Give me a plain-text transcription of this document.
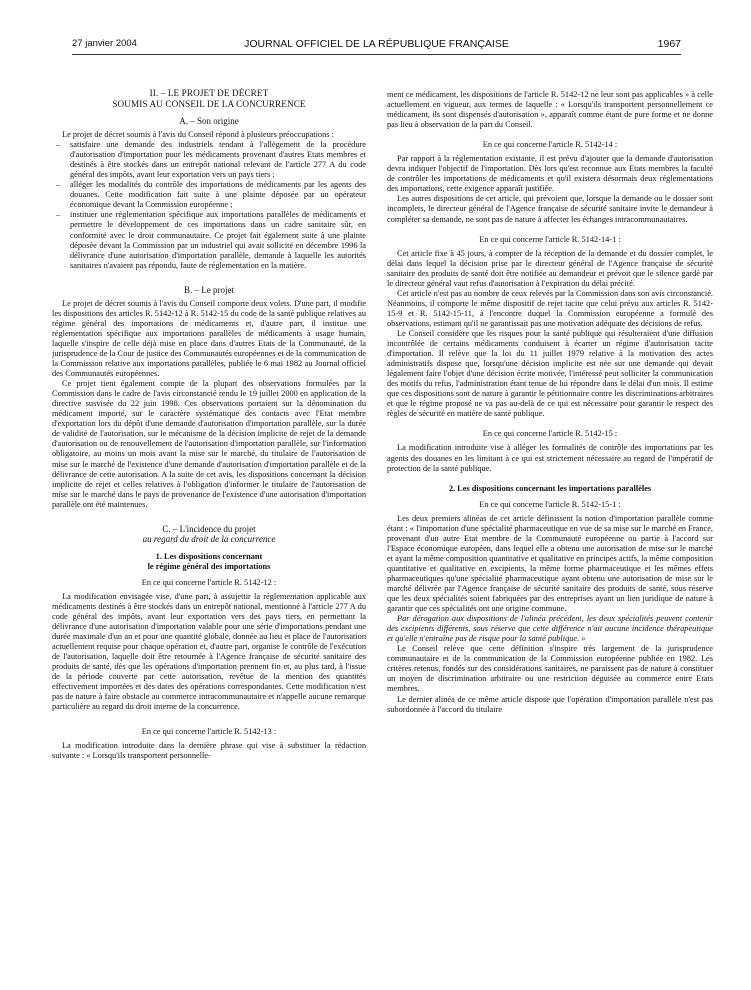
27 janvier 2004	JOURNAL OFFICIEL DE LA RÉPUBLIQUE FRANÇAISE	1967

II. – LE PROJET DE DÉCRET

SOUMIS AU CONSEIL DE LA CONCURRENCE

A. – Son origine

Le projet de décret soumis à l'avis du Conseil répond à plusieurs préoccupations :

– satisfaire une demande des industriels tendant à l'allègement de la procédure d'autorisation d'importation pour les médicaments provenant d'autres Etats membres et destinés à être stockés dans un entrepôt national relevant de l'article 277 A du code général des impôts, avant leur exportation vers un pays tiers ;
– alléger les modalités du contrôle des importations de médicaments par les agents des douanes. Cette modification fait suite à une plainte déposée par un opérateur économique devant la Commission européenne ;
– instituer une réglementation spécifique aux importations parallèles de médicaments et permettre le développement de ces importations dans un cadre sanitaire sûr, en conformité avec le droit communautaire. Ce projet fait également suite à une plainte déposée devant la Commission par un industriel qui avait sollicité en décembre 1996 la délivrance d'une autorisation d'importation parallèle, demande à laquelle les autorités sanitaires n'avaient pas répondu, faute de réglementation en la matière.

B. – Le projet

Le projet de décret soumis à l'avis du Conseil comporte deux volets. D'une part, il modifie les dispositions des articles R. 5142-12 à R. 5142-15 du code de la santé publique relatives au régime général des importations de médicaments et, d'autre part, il institue une réglementation spécifique aux importations parallèles de médicaments à usage humain, laquelle s'inspire de celle déjà mise en place dans d'autres Etats de la Communauté, de la jurisprudence de la Cour de justice des Communautés européennes et de la communication de la Commission relative aux importations parallèles, publiée le 6 mai 1982 au Journal officiel des Communautés européennes.

Ce projet tient également compte de la plupart des observations formulées par la Commission dans le cadre de l'avis circonstancié rendu le 19 juillet 2000 en application de la directive susvisée du 22 juin 1998. Ces observations portaient sur la dénomination du médicament importé, sur le caractère systématique des contacts avec l'Etat membre d'exportation lors du dépôt d'une demande d'autorisation d'importation parallèle, sur la durée de validité de l'autorisation, sur le mécanisme de la décision implicite de rejet de la demande d'autorisation ou de renouvellement de l'autorisation d'importation parallèle, sur l'information obligatoire, au moins un mois avant la mise sur le marché, du titulaire de l'autorisation de mise sur le marché de l'existence d'une demande d'autorisation d'importation parallèle et de la délivrance de cette autorisation. A la suite de cet avis, les dispositions concernant la décision implicite de rejet et celles relatives à l'obligation d'informer le titulaire de l'autorisation de mise sur le marché dans le pays de provenance de l'existence d'une autorisation d'importation parallèle ont été maintenues.

C. – L'incidence du projet

au regard du droit de la concurrence

1. Les dispositions concernant

le régime général des importations

En ce qui concerne l'article R. 5142-12 :

La modification envisagée vise, d'une part, à assujettir la réglementation applicable aux médicaments destinés à être stockés dans un entrepôt national, mentionné à l'article 277 A du code général des impôts, avant leur exportation vers des pays tiers, en permettant la délivrance d'une autorisation d'importation valable pour une série d'importations pendant une durée maximale d'un an et pour une quantité globale, donnée au lieu et place de l'autorisation actuellement requise pour chaque opération et, d'autre part, organise le contrôle de l'exécution de l'autorisation, laquelle doit être retournée à l'Agence française de sécurité sanitaire des produits de santé, dès que les opérations d'importation prennent fin et, au plus tard, à l'issue de la période couverte par cette autorisation, revêtue de la mention des quantités effectivement importées et des dates des opérations correspondantes. Cette modification n'est pas de nature à faire obstacle au commerce intracommunautaire et n'appelle aucune remarque particulière au regard du droit interne de la concurrence.

En ce qui concerne l'article R. 5142-13 :

La modification introduite dans la dernière phrase qui vise à substituer la rédaction suivante : « Lorsqu'ils transportent personnelle-

ment ce médicament, les dispositions de l'article R. 5142-12 ne leur sont pas applicables » à celle actuellement en vigueur, aux termes de laquelle : « Lorsqu'ils transportent personnellement ce médicament, ils sont dispensés d'autorisation », apparaît comme étant de pure forme et ne donne pas lieu à observation de la part du Conseil.

En ce qui concerne l'article R. 5142-14 :

Par rapport à la réglementation existante, il est prévu d'ajouter que la demande d'autorisation devra indiquer l'objectif de l'importation. Dès lors qu'est reconnue aux Etats membres la faculté de contrôler les importations de médicaments et qu'il existera désormais deux réglementations des importations, cette exigence apparaît justifiée.

Les autres dispositions de cet article, qui prévoient que, lorsque la demande ou le dossier sont incomplets, le directeur général de l'Agence française de sécurité sanitaire invite le demandeur à compléter sa demande, ne sont pas de nature à affecter les échanges intracommunautaires.

En ce qui concerne l'article R. 5142-14-1 :

Cet article fixe à 45 jours, à compter de la réception de la demande et du dossier complet, le délai dans lequel la décision prise par le directeur général de l'Agence française de sécurité sanitaire des produits de santé doit être notifiée au demandeur et prévoit que le silence gardé par le directeur général vaut refus d'autorisation à l'expiration du délai précité.

Cet article n'est pas au nombre de ceux relevés par la Commission dans son avis circonstancié. Néanmoins, il comporte le même dispositif de rejet tacite que celui prévu aux articles R. 5142-15-9 et R. 5142-15-11, à l'encontre duquel la Commission européenne a formulé des observations, estimant qu'il ne garantissait pas une motivation adéquate des décisions de refus.

Le Conseil considère que les risques pour la santé publique qui résulteraient d'une diffusion incontrôlée de certains médicaments conduisent à écarter un régime d'autorisation tacite d'importation. Il relève que la loi du 11 juillet 1979 relative à la motivation des actes administratifs dispose que, lorsqu'une décision implicite est née sur une demande qui devait légalement faire l'objet d'une décision écrite motivée, l'intéressé peut solliciter la communication des motifs du refus, l'administration étant tenue de lui répondre dans le délai d'un mois. Il estime que ces dispositions sont de nature à garantir le pétitionnaire contre les discriminations arbitraires et que le régime proposé ne va pas au-delà de ce qui est nécessaire pour garantir le respect des règles de sécurité en matière de santé publique.

En ce qui concerne l'article R. 5142-15 :

La modification introduite vise à alléger les formalités de contrôle des importations par les agents des douanes en les limitant à ce qui est strictement nécessaire au regard de l'impératif de protection de la santé publique.

2. Les dispositions concernant les importations parallèles

En ce qui concerne l'article R. 5142-15-1 :

Les deux premiers alinéas de cet article définissent la notion d'importation parallèle comme étant : « l'importation d'une spécialité pharmaceutique en vue de sa mise sur le marché en France, provenant d'un autre Etat membre de la Communauté européenne ou partie à l'accord sur l'Espace économique européen, dans lequel elle a obtenu une autorisation de mise sur le marché et ayant la même composition quantitative et qualitative en principes actifs, la même composition quantitative et qualitative en excipients, la même forme pharmaceutique et les mêmes effets pharmaceutiques qu'une spécialité pharmaceutique ayant obtenu une autorisation de mise sur le marché délivrée par l'Agence française de sécurité sanitaire des produits de santé, sous réserve que les deux spécialités soient fabriquées par des entreprises ayant un lien juridique de nature à garantir que ces spécialités ont une origine commune.

Par dérogation aux dispositions de l'alinéa précédent, les deux spécialités peuvent contenir des excipients différents, sous réserve que cette différence n'ait aucune incidence thérapeutique et qu'elle n'entraîne pas de risque pour la santé publique. »

Le Conseil relève que cette définition s'inspire très largement de la jurisprudence communautaire et de la communication de la Commission européenne publiée en 1982. Les critères retenus, fondés sur des considérations sanitaires, ne paraissent pas de nature à constituer un moyen de discrimination arbitraire ou une restriction déguisée au commerce entre Etats membres.

Le dernier alinéa de ce même article dispose que l'opération d'importation parallèle n'est pas subordonnée à l'accord du titulaire
